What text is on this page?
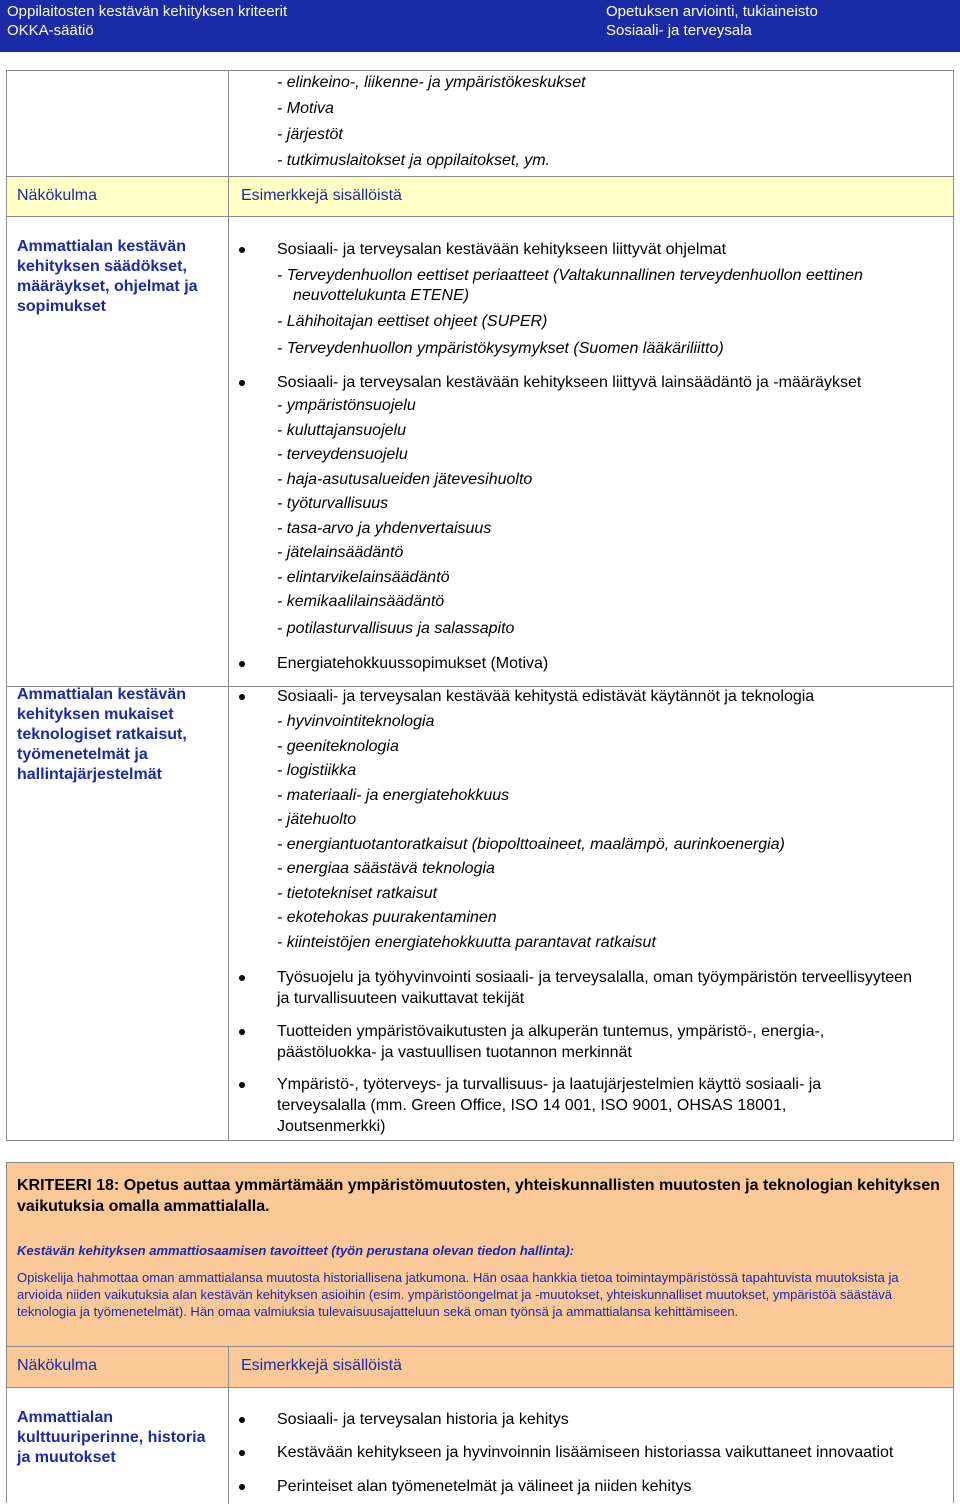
Oppilaitosten kestävän kehityksen kriteerit
OKKA-säätiö
Opetuksen arviointi, tukiaineisto
Sosiaali- ja terveysala
- elinkeino-, liikenne- ja ympäristökeskukset
- Motiva
- järjestöt
- tutkimuslaitokset ja oppilaitokset, ym.
Näkökulma	Esimerkkejä sisällöistä
Ammattialan kestävän kehityksen säädökset, määräykset, ohjelmat ja sopimukset
Sosiaali- ja terveysalan kestävään kehitykseen liittyvät ohjelmat
- Terveydenhuollon eettiset periaatteet (Valtakunnallinen terveydenhuollon eettinen neuvottelukunta ETENE)
- Lähihoitajan eettiset ohjeet (SUPER)
- Terveydenhuollon ympäristökysymykset (Suomen lääkäriliitto)
Sosiaali- ja terveysalan kestävään kehitykseen liittyvä lainsäädäntö ja -määräykset
- ympäristönsuojelu
- kuluttajansuojelu
- terveydensuojelu
- haja-asutusalueiden jätevesihuolto
- työturvallisuus
- tasa-arvo ja yhdenvertaisuus
- jätelainsäädäntö
- elintarvikelainsäädäntö
- kemikaalilainsäädäntö
- potilasturvallisuus ja salassapito
Energiatehokkuussopimukset (Motiva)
Ammattialan kestävän kehityksen mukaiset teknologiset ratkaisut, työmenetelmät ja hallintajärjestelmät
Sosiaali- ja terveysalan kestävää kehitystä edistävät käytännöt ja teknologia
- hyvinvointiteknologia
- geeniteknologia
- logistiikka
- materiaali- ja energiatehokkuus
- jätehuolto
- energiantuotantoratkaisut (biopolttoaineet, maalämpö, aurinkoenergia)
- energiaa säästävä teknologia
- tietotekniset ratkaisut
- ekotehokas puurakentaminen
- kiinteistöjen energiatehokkuutta parantavat ratkaisut
Työsuojelu ja työhyvinvointi sosiaali- ja terveysalalla, oman työympäristön terveellisyyteen ja turvallisuuteen vaikuttavat tekijät
Tuotteiden ympäristövaikutusten ja alkuperän tuntemus, ympäristö-, energia-, päästöluokka- ja vastuullisen tuotannon merkinnät
Ympäristö-, työterveys- ja turvallisuus- ja laatujärjestelmien käyttö sosiaali- ja terveysalalla (mm. Green Office, ISO 14 001, ISO 9001, OHSAS 18001, Joutsenmerkki)
KRITEERI 18: Opetus auttaa ymmärtämään ympäristömuutosten, yhteiskunnallisten muutosten ja teknologian kehityksen vaikutuksia omalla ammattialalla.
Kestävän kehityksen ammattiosaamisen tavoitteet (työn perustana olevan tiedon hallinta):
Opiskelija hahmottaa oman ammattialansa muutosta historiallisena jatkumona. Hän osaa hankkia tietoa toimintaympäristössä tapahtuvista muutoksista ja arvioida niiden vaikutuksia alan kestävän kehityksen asioihin (esim. ympäristöongelmat ja -muutokset, yhteiskunnalliset muutokset, ympäristöä säästävä teknologia ja työmenetelmät). Hän omaa valmiuksia tulevaisuusajatteluun sekä oman työnsä ja ammattialansa kehittämiseen.
Näkökulma	Esimerkkejä sisällöistä
Ammattialan kulttuuriperinne, historia ja muutokset
Sosiaali- ja terveysalan historia ja kehitys
Kestävään kehitykseen ja hyvinvoinnin lisäämiseen historiassa vaikuttaneet innovaatiot
Perinteiset alan työmenetelmät ja välineet ja niiden kehitys
